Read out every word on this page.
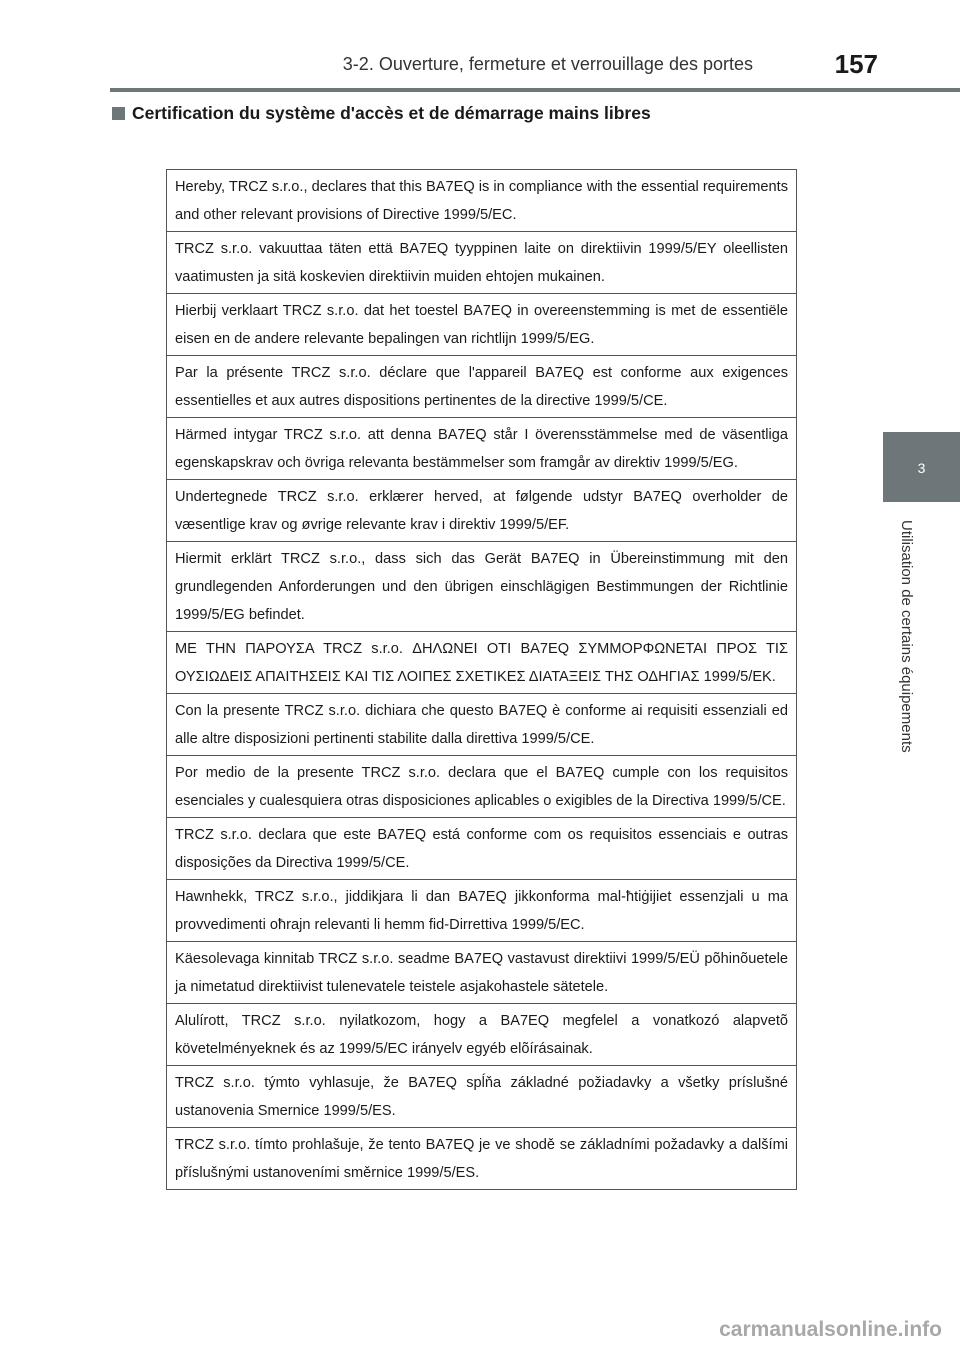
3-2. Ouverture, fermeture et verrouillage des portes	157
Certification du système d'accès et de démarrage mains libres
3
Utilisation de certains équipements
Hereby, TRCZ s.r.o., declares that this BA7EQ is in compliance with the essential requirements and other relevant provisions of Directive 1999/5/EC.
TRCZ s.r.o. vakuuttaa täten että BA7EQ tyyppinen laite on direktiivin 1999/5/EY oleellisten vaatimusten ja sitä koskevien direktiivin muiden ehtojen mukainen.
Hierbij verklaart TRCZ s.r.o. dat het toestel BA7EQ in overeenstemming is met de essentiële eisen en de andere relevante bepalingen van richtlijn 1999/5/EG.
Par la présente TRCZ s.r.o. déclare que l'appareil BA7EQ est conforme aux exigences essentielles et aux autres dispositions pertinentes de la directive 1999/5/CE.
Härmed intygar TRCZ s.r.o. att denna BA7EQ står I överensstämmelse med de väsentliga egenskapskrav och övriga relevanta bestämmelser som framgår av direktiv 1999/5/EG.
Undertegnede TRCZ s.r.o. erklærer herved, at følgende udstyr BA7EQ overholder de væsentlige krav og øvrige relevante krav i direktiv 1999/5/EF.
Hiermit erklärt TRCZ s.r.o., dass sich das Gerät BA7EQ in Übereinstimmung mit den grundlegenden Anforderungen und den übrigen einschlägigen Bestimmungen der Richtlinie 1999/5/EG befindet.
ΜΕ ΤΗΝ ΠΑΡΟΥΣΑ TRCZ s.r.o. ΔΗΛΩΝΕΙ ΟΤΙ BA7EQ ΣΥΜΜΟΡΦΩΝΕΤΑΙ ΠΡΟΣ ΤΙΣ ΟΥΣΙΩΔΕΙΣ ΑΠΑΙΤΗΣΕΙΣ ΚΑΙ ΤΙΣ ΛΟΙΠΕΣ ΣΧΕΤΙΚΕΣ ΔΙΑΤΑΞΕΙΣ ΤΗΣ ΟΔΗΓΙΑΣ 1999/5/ΕΚ.
Con la presente TRCZ s.r.o. dichiara che questo BA7EQ è conforme ai requisiti essenziali ed alle altre disposizioni pertinenti stabilite dalla direttiva 1999/5/CE.
Por medio de la presente TRCZ s.r.o. declara que el BA7EQ cumple con los requisitos esenciales y cualesquiera otras disposiciones aplicables o exigibles de la Directiva 1999/5/CE.
TRCZ s.r.o. declara que este BA7EQ está conforme com os requisitos essenciais e outras disposições da Directiva 1999/5/CE.
Hawnhekk, TRCZ s.r.o., jiddikjara li dan BA7EQ jikkonforma mal-ħtiġijiet essenzjali u ma provvedimenti oħrajn relevanti li hemm fid-Dirrettiva 1999/5/EC.
Käesolevaga kinnitab TRCZ s.r.o. seadme BA7EQ vastavust direktiivi 1999/5/EÜ põhinõuetele ja nimetatud direktiivist tulenevatele teistele asjakohastele sätetele.
Alulírott, TRCZ s.r.o. nyilatkozom, hogy a BA7EQ megfelel a vonatkozó alapvetõ követelményeknek és az 1999/5/EC irányelv egyéb elõírásainak.
TRCZ s.r.o. týmto vyhlasuje, že BA7EQ spĺňa základné požiadavky a všetky príslušné ustanovenia Smernice 1999/5/ES.
TRCZ s.r.o. tímto prohlašuje, že tento BA7EQ je ve shodě se základními požadavky a dalšími příslušnými ustanoveními směrnice 1999/5/ES.
carmanualsonline.info
